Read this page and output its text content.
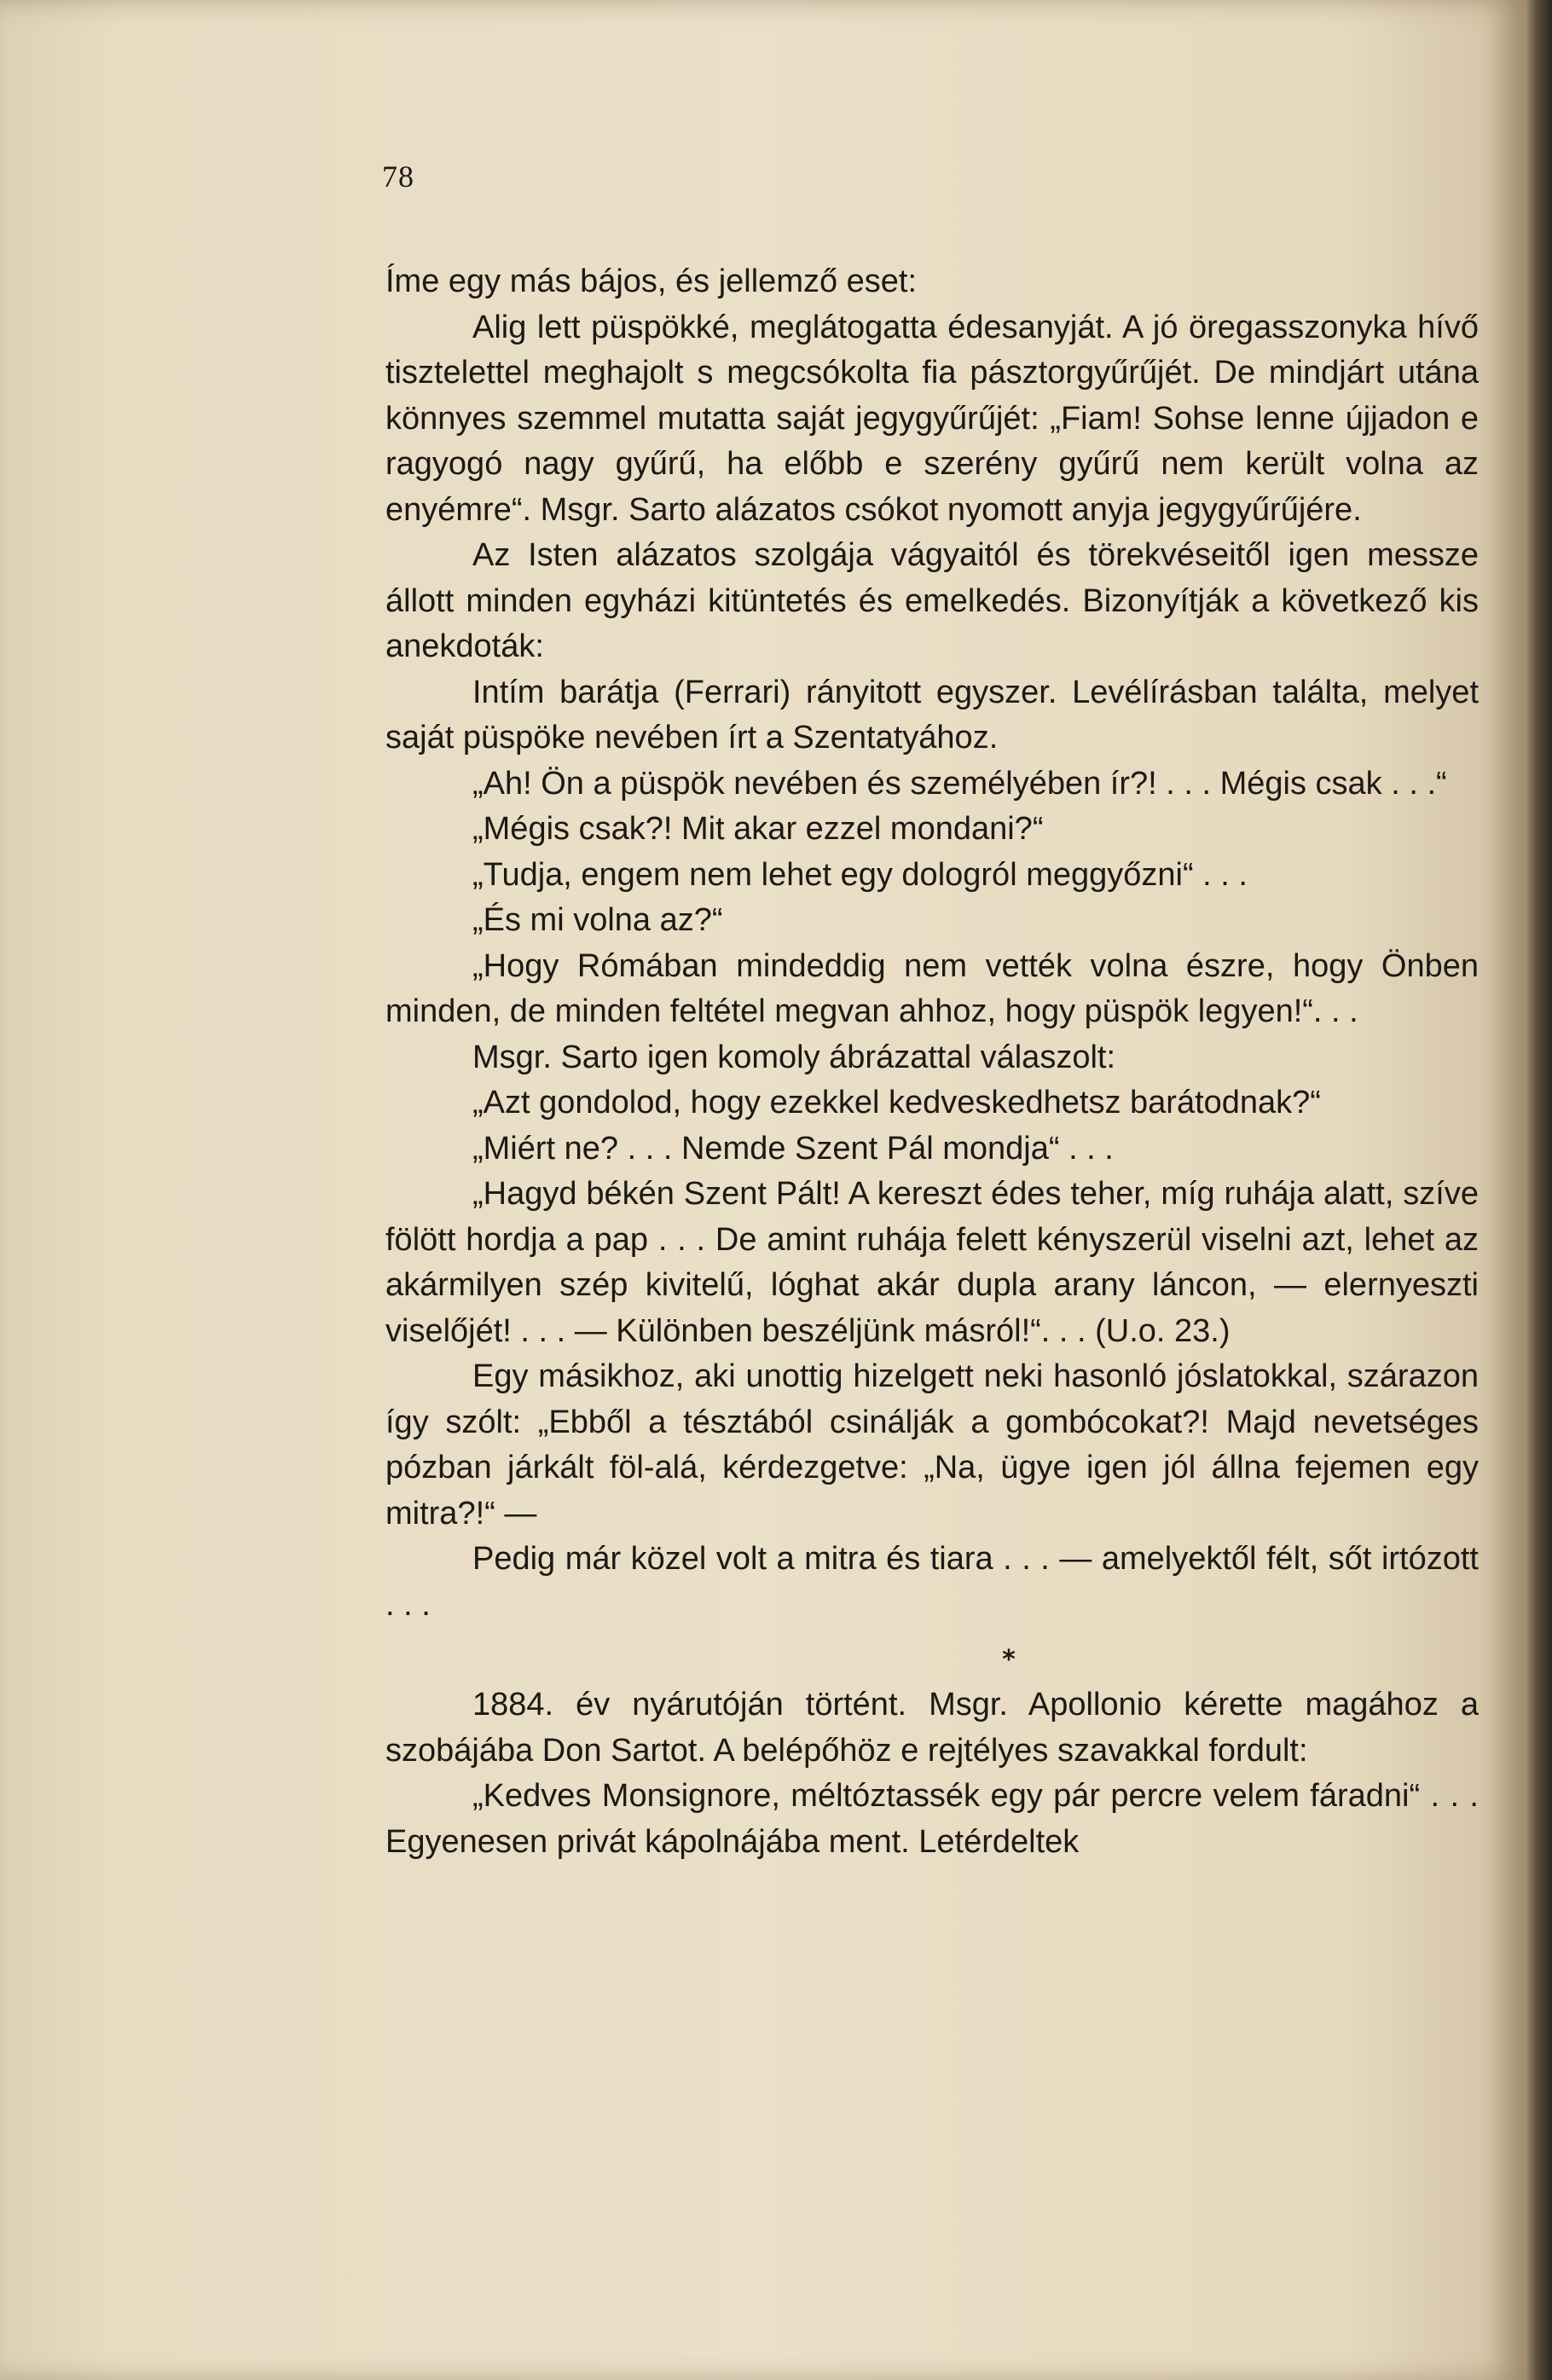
78

Íme egy más bájos, és jellemző eset:

Alig lett püspökké, meglátogatta édesanyját. A jó öregasszonyka hívő tisztelettel meghajolt s megcsókolta fia pásztorgyűrűjét. De mindjárt utána könnyes szemmel mutatta saját jegygyűrűjét: „Fiam! Sohse lenne újjadon e ragyogó nagy gyűrű, ha előbb e szerény gyűrű nem került volna az enyémre“. Msgr. Sarto alázatos csókot nyomott anyja jegygyűrűjére.

Az Isten alázatos szolgája vágyaitól és törekvéseitől igen messze állott minden egyházi kitüntetés és emelkedés. Bizonyítják a következő kis anekdoták:

Intím barátja (Ferrari) rányitott egyszer. Levélírásban találta, melyet saját püspöke nevében írt a Szentatyához.

„Ah! Ön a püspök nevében és személyében ír?! . . . Mégis csak . . .“

„Mégis csak?! Mit akar ezzel mondani?“

„Tudja, engem nem lehet egy dologról meggyőzni“ . . .

„És mi volna az?“

„Hogy Rómában mindeddig nem vették volna észre, hogy Önben minden, de minden feltétel megvan ahhoz, hogy püspök legyen!“. . .

Msgr. Sarto igen komoly ábrázattal válaszolt:

„Azt gondolod, hogy ezekkel kedveskedhetsz barátodnak?“

„Miért ne? . . . Nemde Szent Pál mondja“ . . .

„Hagyd békén Szent Pált! A kereszt édes teher, míg ruhája alatt, szíve fölött hordja a pap . . . De amint ruhája felett kényszerül viselni azt, lehet az akármilyen szép kivitelű, lóghat akár dupla arany láncon, — elernyeszti viselőjét! . . . — Különben beszéljünk másról!“. . . (U.o. 23.)

Egy másikhoz, aki unottig hizelgett neki hasonló jóslatokkal, szárazon így szólt: „Ebből a tésztából csinálják a gombócokat?! Majd nevetséges pózban járkált föl-alá, kérdezgetve: „Na, ügye igen jól állna fejemen egy mitra?!“ —

Pedig már közel volt a mitra és tiara . . . — amelyektől félt, sőt irtózott . . .

*

1884. év nyárutóján történt. Msgr. Apollonio kérette magához a szobájába Don Sartot. A belépőhöz e rejtélyes szavakkal fordult:

„Kedves Monsignore, méltóztassék egy pár percre velem fáradni“ . . . Egyenesen privát kápolnájába ment. Letérdeltek
